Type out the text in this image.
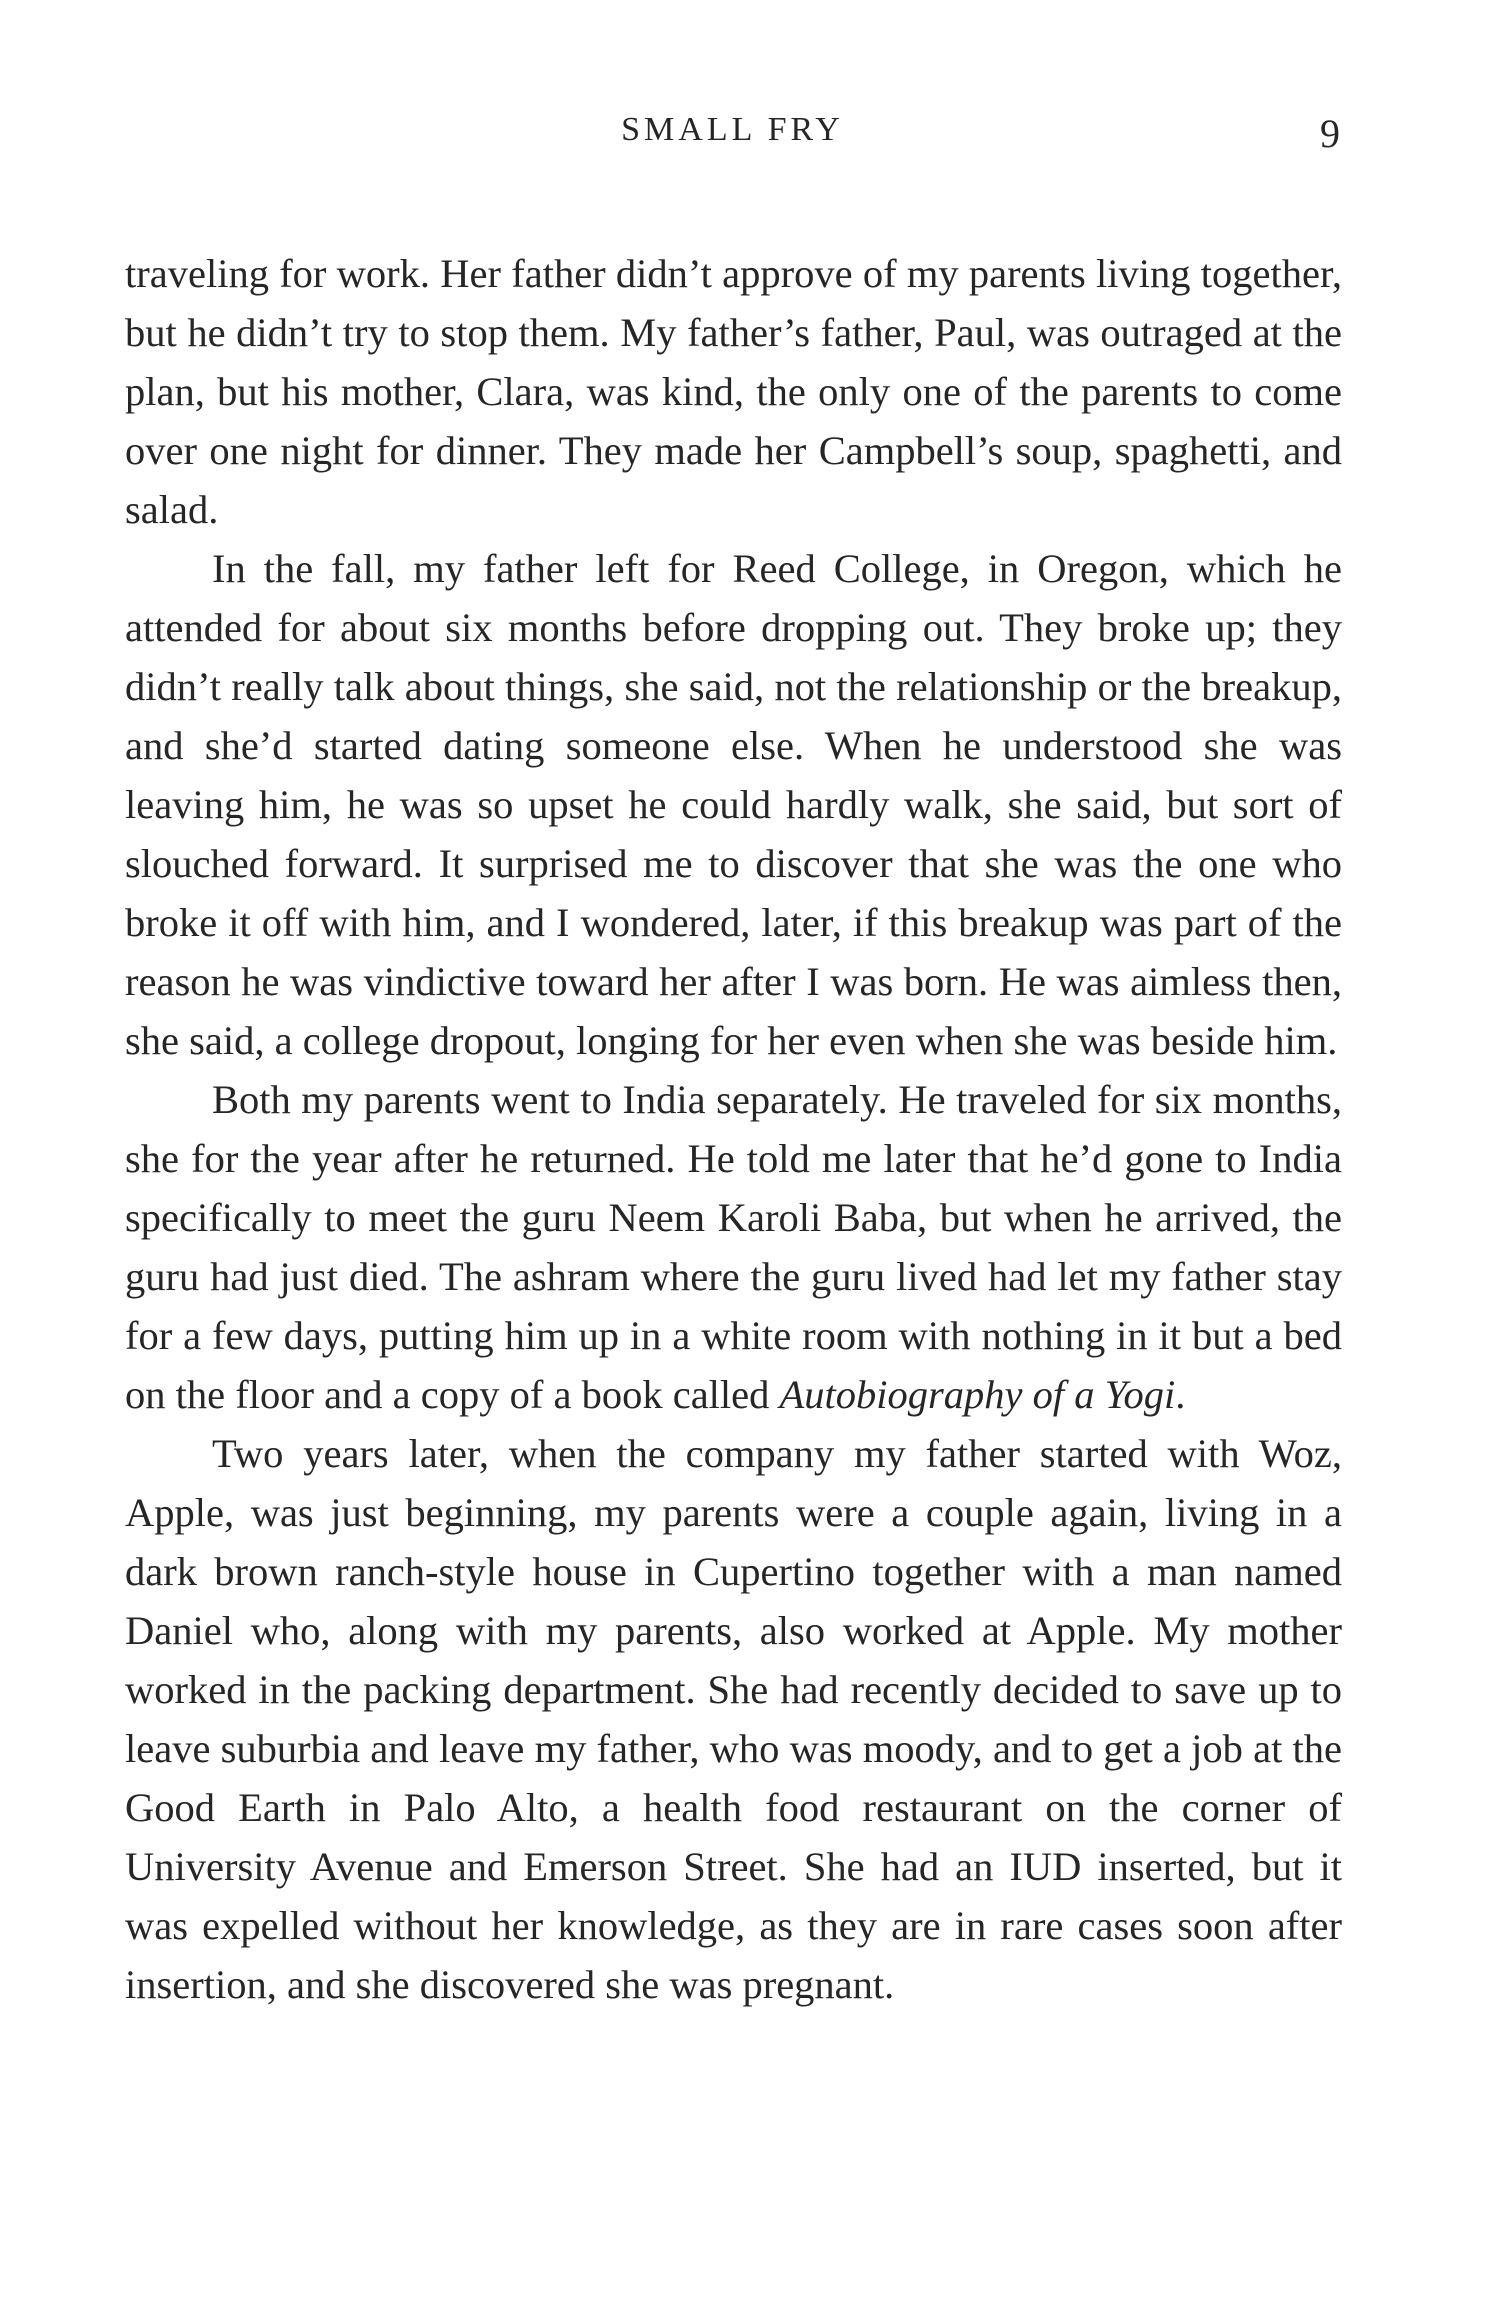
SMALL FRY	9

traveling for work. Her father didn’t approve of my parents living together, but he didn’t try to stop them. My father’s father, Paul, was outraged at the plan, but his mother, Clara, was kind, the only one of the parents to come over one night for dinner. They made her Campbell’s soup, spaghetti, and salad.

In the fall, my father left for Reed College, in Oregon, which he attended for about six months before dropping out. They broke up; they didn’t really talk about things, she said, not the relationship or the breakup, and she’d started dating someone else. When he understood she was leaving him, he was so upset he could hardly walk, she said, but sort of slouched forward. It surprised me to discover that she was the one who broke it off with him, and I wondered, later, if this breakup was part of the reason he was vindictive toward her after I was born. He was aimless then, she said, a college dropout, longing for her even when she was beside him.

Both my parents went to India separately. He traveled for six months, she for the year after he returned. He told me later that he’d gone to India specifically to meet the guru Neem Karoli Baba, but when he arrived, the guru had just died. The ashram where the guru lived had let my father stay for a few days, putting him up in a white room with nothing in it but a bed on the floor and a copy of a book called Autobiography of a Yogi.

Two years later, when the company my father started with Woz, Apple, was just beginning, my parents were a couple again, living in a dark brown ranch-style house in Cupertino together with a man named Daniel who, along with my parents, also worked at Apple. My mother worked in the packing department. She had recently decided to save up to leave suburbia and leave my father, who was moody, and to get a job at the Good Earth in Palo Alto, a health food restaurant on the corner of University Avenue and Emerson Street. She had an IUD inserted, but it was expelled without her knowledge, as they are in rare cases soon after insertion, and she discovered she was pregnant.
